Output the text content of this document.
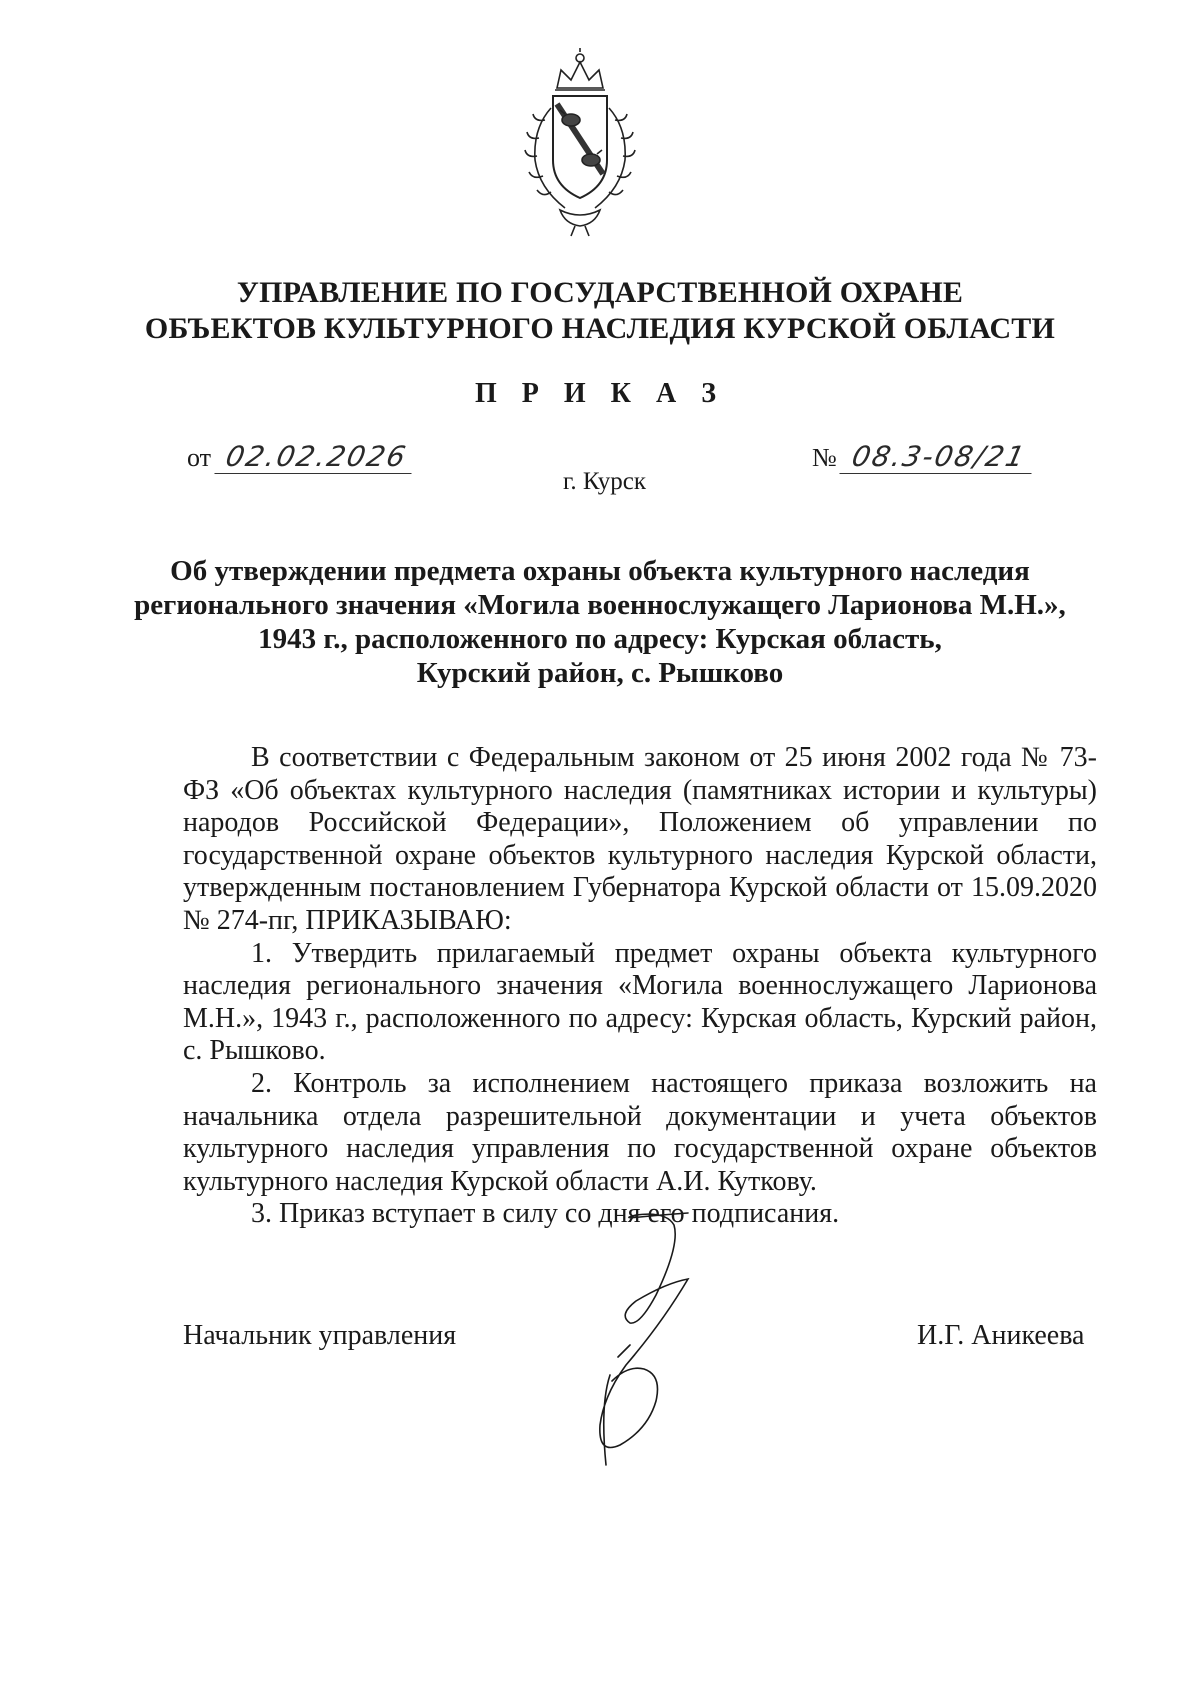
УПРАВЛЕНИЕ ПО ГОСУДАРСТВЕННОЙ ОХРАНЕ
ОБЪЕКТОВ КУЛЬТУРНОГО НАСЛЕДИЯ КУРСКОЙ ОБЛАСТИ
П Р И К А З
от 02.02.2026	№ 08.3-08/21
г. Курск
Об утверждении предмета охраны объекта культурного наследия
регионального значения «Могила военнослужащего Ларионова М.Н.»,
1943 г., расположенного по адресу: Курская область,
Курский район, с. Рышково

В соответствии с Федеральным законом от 25 июня 2002 года № 73-ФЗ «Об объектах культурного наследия (памятниках истории и культуры) народов Российской Федерации», Положением об управлении по государственной охране объектов культурного наследия Курской области, утвержденным постановлением Губернатора Курской области от 15.09.2020 № 274-пг, ПРИКАЗЫВАЮ:

1. Утвердить прилагаемый предмет охраны объекта культурного наследия регионального значения «Могила военнослужащего Ларионова М.Н.», 1943 г., расположенного по адресу: Курская область, Курский район, с. Рышково.

2. Контроль за исполнением настоящего приказа возложить на начальника отдела разрешительной документации и учета объектов культурного наследия управления по государственной охране объектов культурного наследия Курской области А.И. Куткову.

3. Приказ вступает в силу со дня его подписания.

Начальник управления	И.Г. Аникеева
